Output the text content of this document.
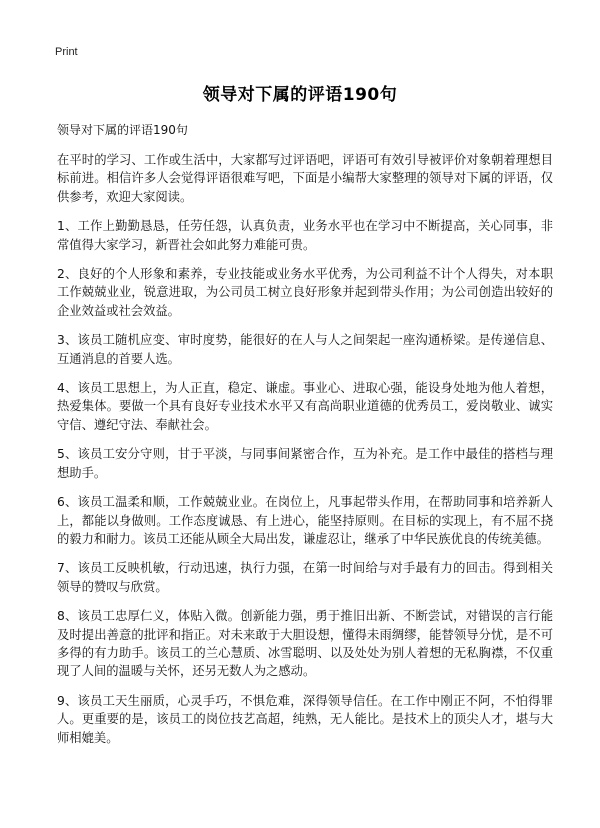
Print
领导对下属的评语190句
领导对下属的评语190句

在平时的学习、工作或生活中，大家都写过评语吧，评语可有效引导被评价对象朝着理想目标前进。相信许多人会觉得评语很难写吧，下面是小编帮大家整理的领导对下属的评语，仅供参考，欢迎大家阅读。

1、工作上勤勤恳恳，任劳任怨，认真负责，业务水平也在学习中不断提高，关心同事，非常值得大家学习，新晋社会如此努力难能可贵。

2、良好的个人形象和素养，专业技能或业务水平优秀，为公司利益不计个人得失，对本职工作兢兢业业，锐意进取，为公司员工树立良好形象并起到带头作用；为公司创造出较好的企业效益或社会效益。

3、该员工随机应变、审时度势，能很好的在人与人之间架起一座沟通桥梁。是传递信息、互通消息的首要人选。

4、该员工思想上，为人正直，稳定、谦虚。事业心、进取心强，能设身处地为他人着想，热爱集体。要做一个具有良好专业技术水平又有高尚职业道德的优秀员工，爱岗敬业、诚实守信、遵纪守法、奉献社会。

5、该员工安分守则，甘于平淡，与同事间紧密合作，互为补充。是工作中最佳的搭档与理想助手。

6、该员工温柔和顺，工作兢兢业业。在岗位上，凡事起带头作用，在帮助同事和培养新人上，都能以身做则。工作态度诚恳、有上进心，能坚持原则。在目标的实现上，有不屈不挠的毅力和耐力。该员工还能从顾全大局出发，谦虚忍让，继承了中华民族优良的传统美德。

7、该员工反映机敏，行动迅速，执行力强，在第一时间给与对手最有力的回击。得到相关领导的赞叹与欣赏。

8、该员工忠厚仁义，体贴入微。创新能力强，勇于推旧出新、不断尝试，对错误的言行能及时提出善意的批评和指正。对未来敢于大胆设想，懂得未雨绸缪，能替领导分忧，是不可多得的有力助手。该员工的兰心慧质、冰雪聪明、以及处处为别人着想的无私胸襟，不仅重现了人间的温暖与关怀，还另无数人为之感动。

9、该员工天生丽质，心灵手巧，不惧危难，深得领导信任。在工作中刚正不阿，不怕得罪人。更重要的是，该员工的岗位技艺高超，纯熟，无人能比。是技术上的顶尖人才，堪与大师相媲美。
